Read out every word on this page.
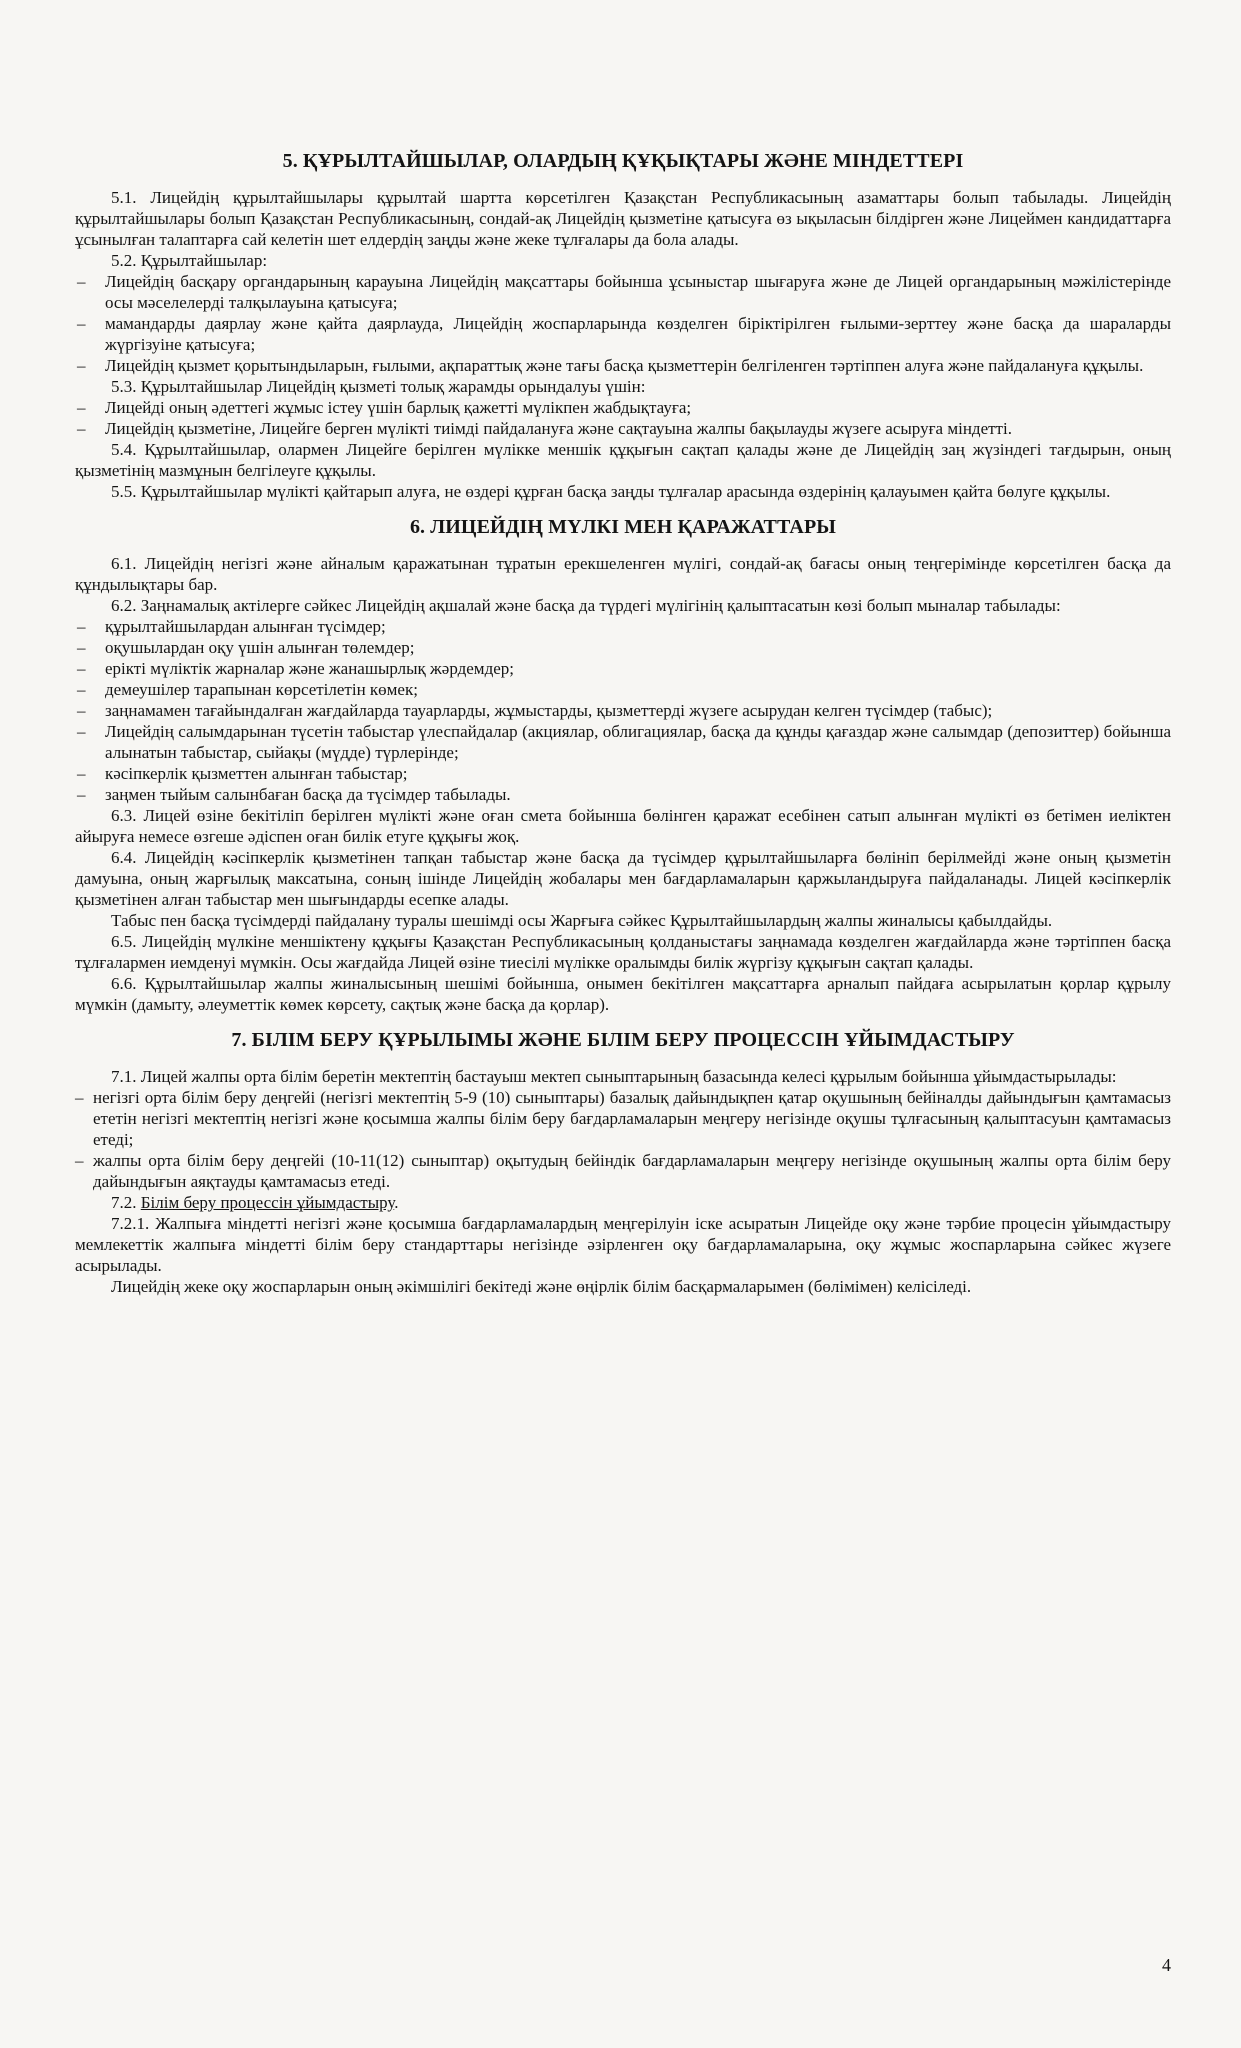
5. ҚҰРЫЛТАЙШЫЛАР, ОЛАРДЫҢ ҚҰҚЫҚТАРЫ ЖӘНЕ МІНДЕТТЕРІ

5.1. Лицейдің құрылтайшылары құрылтай шартта көрсетілген Қазақстан Республикасының азаматтары болып табылады. Лицейдің құрылтайшылары болып Қазақстан Республикасының, сондай-ақ Лицейдің қызметіне қатысуға өз ықыласын білдірген және Лицеймен кандидаттарға ұсынылған талаптарға сай келетін шет елдердің заңды және жеке тұлғалары да бола алады.

5.2. Құрылтайшылар:

– Лицейдің басқару органдарының карауына Лицейдің мақсаттары бойынша ұсыныстар шығаруға және де Лицей органдарының мәжілістерінде осы мәселелерді талқылауына қатысуға;
– мамандарды даярлау және қайта даярлауда, Лицейдің жоспарларында көзделген біріктірілген ғылыми-зерттеу және басқа да шараларды жүргізуіне қатысуға;
– Лицейдің қызмет қорытындыларын, ғылыми, ақпараттық және тағы басқа қызметтерін белгіленген тәртіппен алуға және пайдалануға құқылы.

5.3. Құрылтайшылар Лицейдің қызметі толық жарамды орындалуы үшін:

– Лицейді оның әдеттегі жұмыс істеу үшін барлық қажетті мүлікпен жабдықтауға;
– Лицейдің қызметіне, Лицейге берген мүлікті тиімді пайдалануға және сақтауына жалпы бақылауды жүзеге асыруға міндетті.

5.4. Құрылтайшылар, олармен Лицейге берілген мүлікке меншік құқығын сақтап қалады және де Лицейдің заң жүзіндегі тағдырын, оның қызметінің мазмұнын белгілеуге құқылы.

5.5. Құрылтайшылар мүлікті қайтарып алуға, не өздері құрған басқа заңды тұлғалар арасында өздерінің қалауымен қайта бөлуге құқылы.

6. ЛИЦЕЙДІҢ МҮЛКІ МЕН ҚАРАЖАТТАРЫ

6.1. Лицейдің негізгі және айналым қаражатынан тұратын ерекшеленген мүлігі, сондай-ақ бағасы оның теңгерімінде көрсетілген басқа да құндылықтары бар.

6.2. Заңнамалық актілерге сәйкес Лицейдің ақшалай және басқа да түрдегі мүлігінің қалыптасатын көзі болып мыналар табылады:

– құрылтайшылардан алынған түсімдер;
– оқушылардан оқу үшін алынған төлемдер;
– ерікті мүліктік жарналар және жанашырлық жәрдемдер;
– демеушілер тарапынан көрсетілетін көмек;
– заңнамамен тағайындалған жағдайларда тауарларды, жұмыстарды, қызметтерді жүзеге асырудан келген түсімдер (табыс);
– Лицейдің салымдарынан түсетін табыстар үлеспайдалар (акциялар, облигациялар, басқа да құнды қағаздар және салымдар (депозиттер) бойынша алынатын табыстар, сыйақы (мүдде) түрлерінде;
– кәсіпкерлік қызметтен алынған табыстар;
– заңмен тыйым салынбаған басқа да түсімдер табылады.

6.3. Лицей өзіне бекітіліп берілген мүлікті және оған смета бойынша бөлінген қаражат есебінен сатып алынған мүлікті өз бетімен иеліктен айыруға немесе өзгеше әдіспен оған билік етуге құқығы жоқ.

6.4. Лицейдің кәсіпкерлік қызметінен тапқан табыстар және басқа да түсімдер құрылтайшыларға бөлініп берілмейді және оның қызметін дамуына, оның жарғылық максатына, соның ішінде Лицейдің жобалары мен бағдарламаларын қаржыландыруға пайдаланады. Лицей кәсіпкерлік қызметінен алған табыстар мен шығындарды есепке алады.

Табыс пен басқа түсімдерді пайдалану туралы шешімді осы Жарғыға сәйкес Құрылтайшылардың жалпы жиналысы қабылдайды.

6.5. Лицейдің мүлкіне меншіктену құқығы Қазақстан Республикасының қолданыстағы заңнамада көзделген жағдайларда және тәртіппен басқа тұлғалармен иемденуі мүмкін. Осы жағдайда Лицей өзіне тиесілі мүлікке оралымды билік жүргізу құқығын сақтап қалады.

6.6. Құрылтайшылар жалпы жиналысының шешімі бойынша, онымен бекітілген мақсаттарға арналып пайдаға асырылатын қорлар құрылу мүмкін (дамыту, әлеуметтік көмек көрсету, сақтық және басқа да қорлар).

7. БІЛІМ БЕРУ ҚҰРЫЛЫМЫ ЖӘНЕ БІЛІМ БЕРУ ПРОЦЕССІН ҰЙЫМДАСТЫРУ

7.1. Лицей жалпы орта білім беретін мектептің бастауыш мектеп сыныптарының базасында келесі құрылым бойынша ұйымдастырылады:

– негізгі орта білім беру деңгейі (негізгі мектептің 5-9 (10) сыныптары) базалық дайындықпен қатар оқушының бейіналды дайындығын қамтамасыз ететін негізгі мектептің негізгі және қосымша жалпы білім беру бағдарламаларын меңгеру негізінде оқушы тұлғасының қалыптасуын қамтамасыз етеді;
– жалпы орта білім беру деңгейі (10-11(12) сыныптар) оқытудың бейіндік бағдарламаларын меңгеру негізінде оқушының жалпы орта білім беру дайындығын аяқтауды қамтамасыз етеді.

7.2. Білім беру процессін ұйымдастыру.

7.2.1. Жалпыға міндетті негізгі және қосымша бағдарламалардың меңгерілуін іске асыратын Лицейде оқу және тәрбие процесін ұйымдастыру мемлекеттік жалпыға міндетті білім беру стандарттары негізінде әзірленген оқу бағдарламаларына, оқу жұмыс жоспарларына сәйкес жүзеге асырылады.

Лицейдің жеке оқу жоспарларын оның әкімшілігі бекітеді және өңірлік білім басқармаларымен (бөлімімен) келісіледі.

4
